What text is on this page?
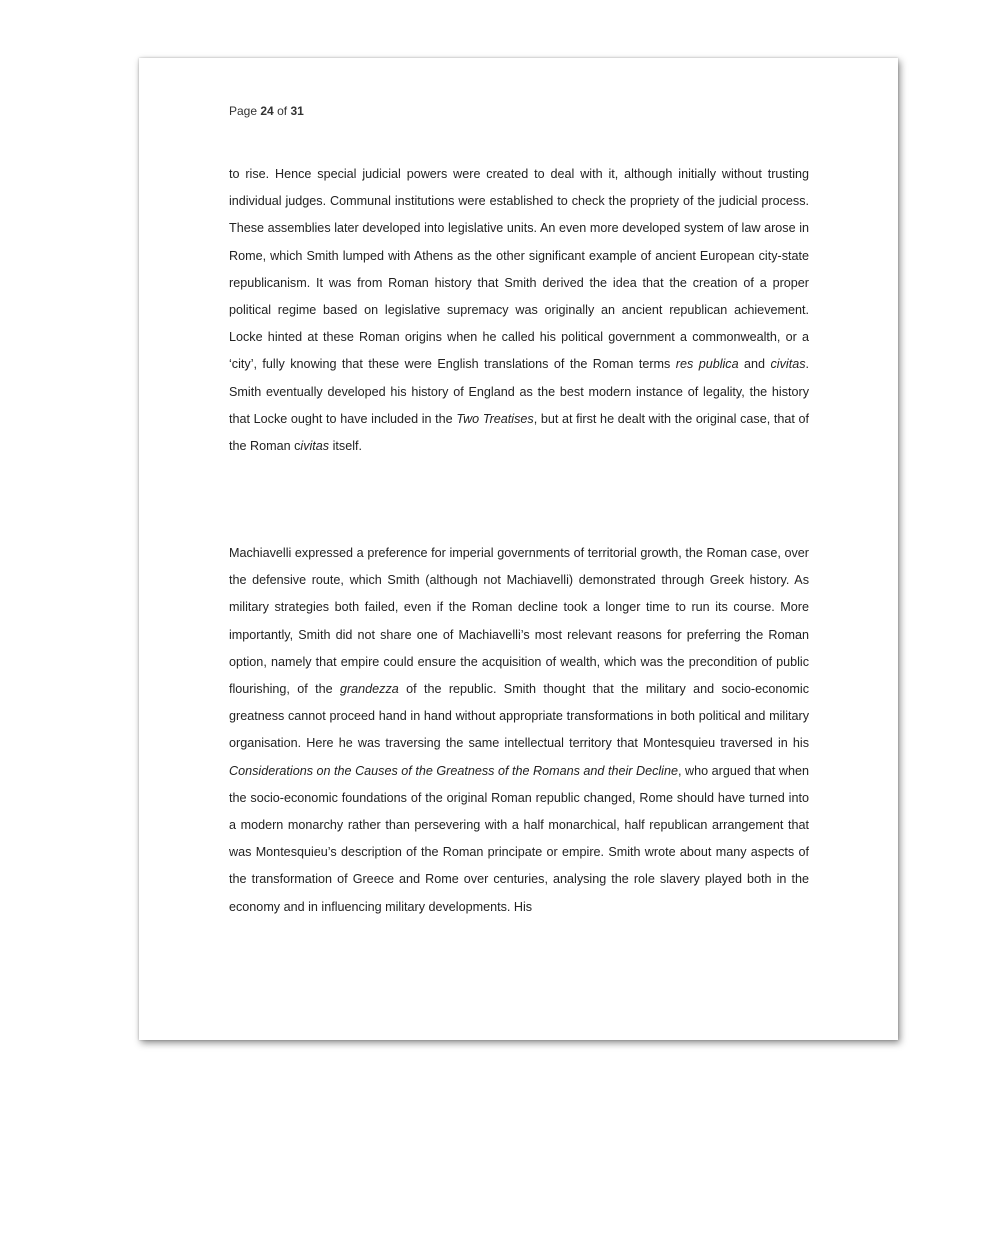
Page 24 of 31

to rise. Hence special judicial powers were created to deal with it, although initially without trusting individual judges. Communal institutions were established to check the propriety of the judicial process. These assemblies later developed into legislative units. An even more developed system of law arose in Rome, which Smith lumped with Athens as the other significant example of ancient European city-state republicanism. It was from Roman history that Smith derived the idea that the creation of a proper political regime based on legislative supremacy was originally an ancient republican achievement. Locke hinted at these Roman origins when he called his political government a commonwealth, or a ‘city’, fully knowing that these were English translations of the Roman terms res publica and civitas. Smith eventually developed his history of England as the best modern instance of legality, the history that Locke ought to have included in the Two Treatises, but at first he dealt with the original case, that of the Roman civitas itself.

Machiavelli expressed a preference for imperial governments of territorial growth, the Roman case, over the defensive route, which Smith (although not Machiavelli) demonstrated through Greek history. As military strategies both failed, even if the Roman decline took a longer time to run its course. More importantly, Smith did not share one of Machiavelli’s most relevant reasons for preferring the Roman option, namely that empire could ensure the acquisition of wealth, which was the precondition of public flourishing, of the grandezza of the republic. Smith thought that the military and socio-economic greatness cannot proceed hand in hand without appropriate transformations in both political and military organisation. Here he was traversing the same intellectual territory that Montesquieu traversed in his Considerations on the Causes of the Greatness of the Romans and their Decline, who argued that when the socio-economic foundations of the original Roman republic changed, Rome should have turned into a modern monarchy rather than persevering with a half monarchical, half republican arrangement that was Montesquieu’s description of the Roman principate or empire. Smith wrote about many aspects of the transformation of Greece and Rome over centuries, analysing the role slavery played both in the economy and in influencing military developments. His
